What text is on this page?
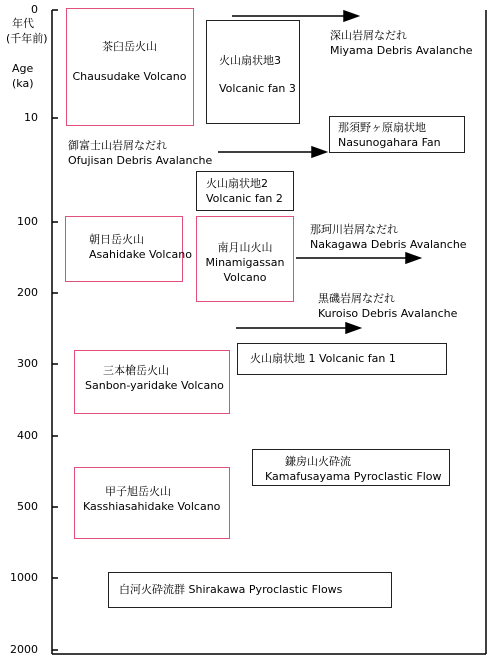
年代
(千年前)
Age
(ka)
0
10
100
200
300
400
500
1000
2000
茶臼岳火山
Chausudake Volcano
火山扇状地3
Volcanic fan 3
深山岩屑なだれ
Miyama Debris Avalanche
那須野ヶ原扇状地
Nasunogahara Fan
御富士山岩屑なだれ
Ofujisan Debris Avalanche
火山扇状地2
Volcanic fan 2
朝日岳火山
Asahidake Volcano
南月山火山
Minamigassan
Volcano
那珂川岩屑なだれ
Nakagawa Debris Avalanche
黒磯岩屑なだれ
Kuroiso Debris Avalanche
三本槍岳火山
Sanbon-yaridake Volcano
火山扇状地 1 Volcanic fan 1
鎌房山火砕流
Kamafusayama Pyroclastic Flow
甲子旭岳火山
Kasshiasahidake Volcano
白河火砕流群 Shirakawa Pyroclastic Flows
